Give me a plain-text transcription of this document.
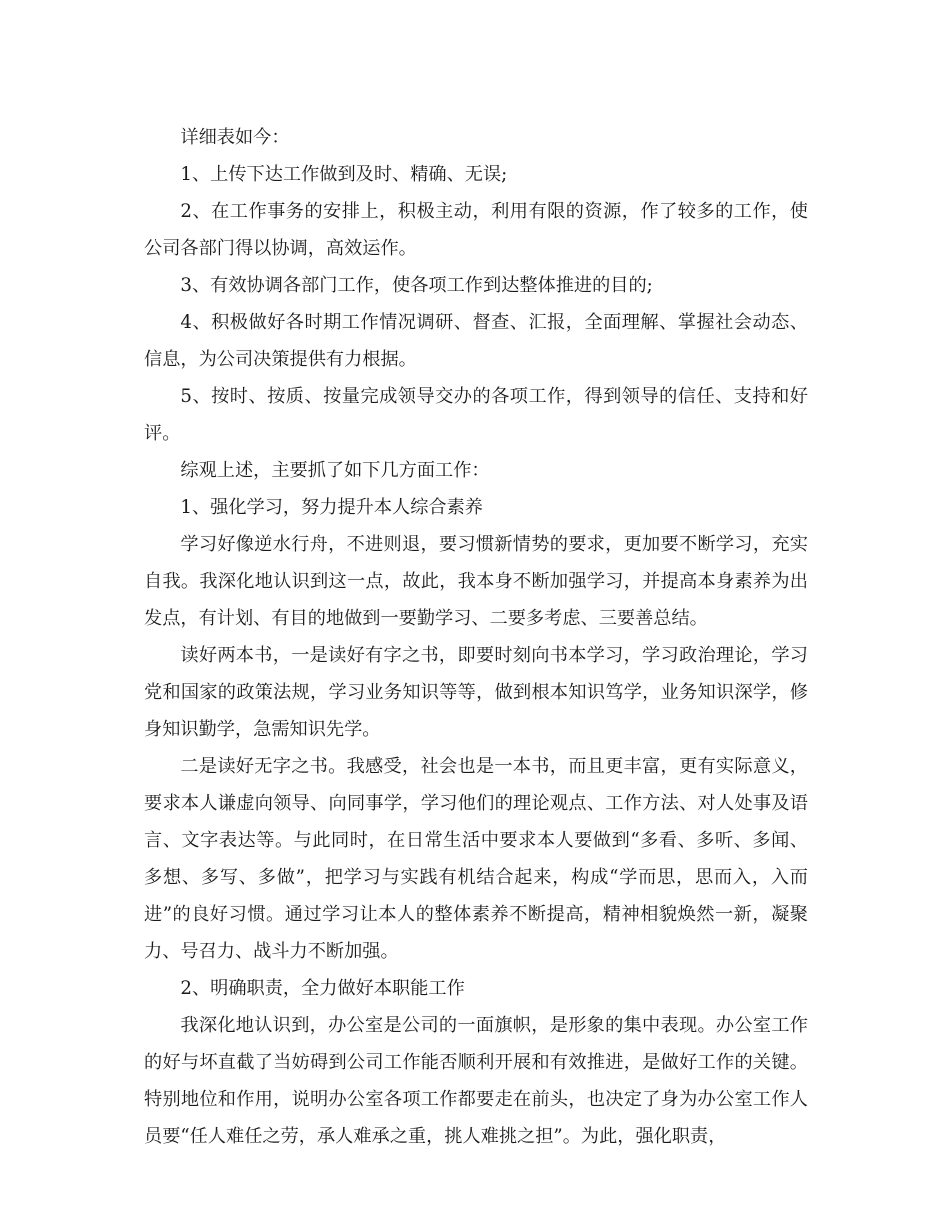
详细表如今：

1、上传下达工作做到及时、精确、无误;

2、在工作事务的安排上，积极主动，利用有限的资源，作了较多的工作，使公司各部门得以协调，高效运作。

3、有效协调各部门工作，使各项工作到达整体推进的目的;

4、积极做好各时期工作情况调研、督查、汇报，全面理解、掌握社会动态、信息，为公司决策提供有力根据。

5、按时、按质、按量完成领导交办的各项工作，得到领导的信任、支持和好评。

综观上述，主要抓了如下几方面工作：

1、强化学习，努力提升本人综合素养

学习好像逆水行舟，不进则退，要习惯新情势的要求，更加要不断学习，充实自我。我深化地认识到这一点，故此，我本身不断加强学习，并提高本身素养为出发点，有计划、有目的地做到一要勤学习、二要多考虑、三要善总结。

读好两本书，一是读好有字之书，即要时刻向书本学习，学习政治理论，学习党和国家的政策法规，学习业务知识等等，做到根本知识笃学，业务知识深学，修身知识勤学，急需知识先学。

二是读好无字之书。我感受，社会也是一本书，而且更丰富，更有实际意义，要求本人谦虚向领导、向同事学，学习他们的理论观点、工作方法、对人处事及语言、文字表达等。与此同时，在日常生活中要求本人要做到“多看、多听、多闻、多想、多写、多做”，把学习与实践有机结合起来，构成“学而思，思而入，入而进”的良好习惯。通过学习让本人的整体素养不断提高，精神相貌焕然一新，凝聚力、号召力、战斗力不断加强。

2、明确职责，全力做好本职能工作

我深化地认识到，办公室是公司的一面旗帜，是形象的集中表现。办公室工作的好与坏直截了当妨碍到公司工作能否顺利开展和有效推进，是做好工作的关键。特别地位和作用，说明办公室各项工作都要走在前头，也决定了身为办公室工作人员要“任人难任之劳，承人难承之重，挑人难挑之担”。为此，强化职责，
